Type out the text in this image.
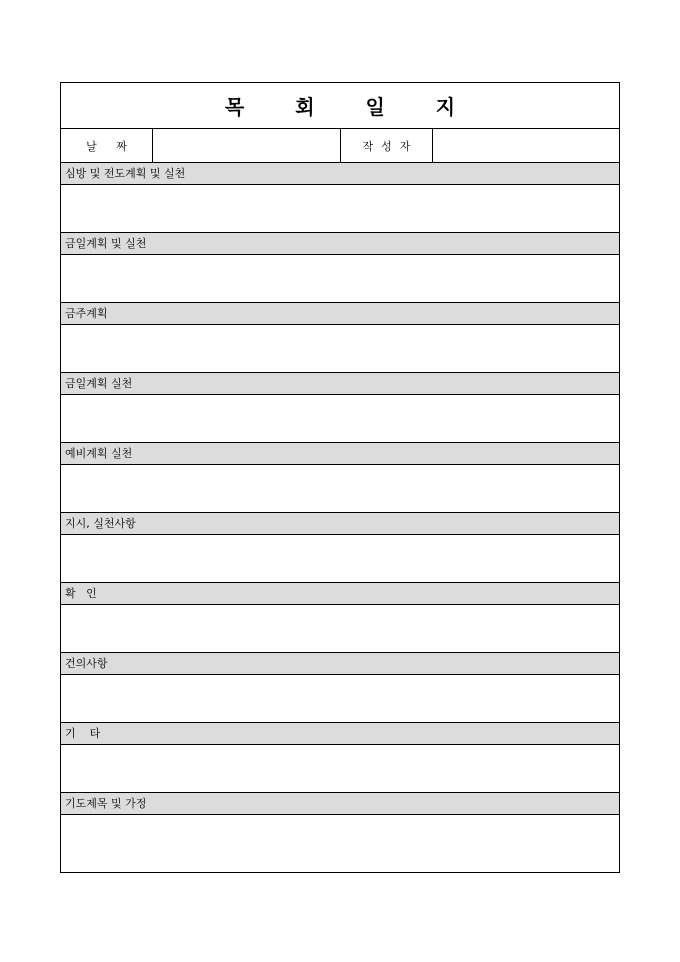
목 회 일 지
날 짜	작성자
심방 및 전도계획 및 실천
금일계획 및 실천
금주계획
금일계획 실천
예비계획 실천
지시, 실천사항
확   인
건의사항
기    타
기도제목 및 가정
